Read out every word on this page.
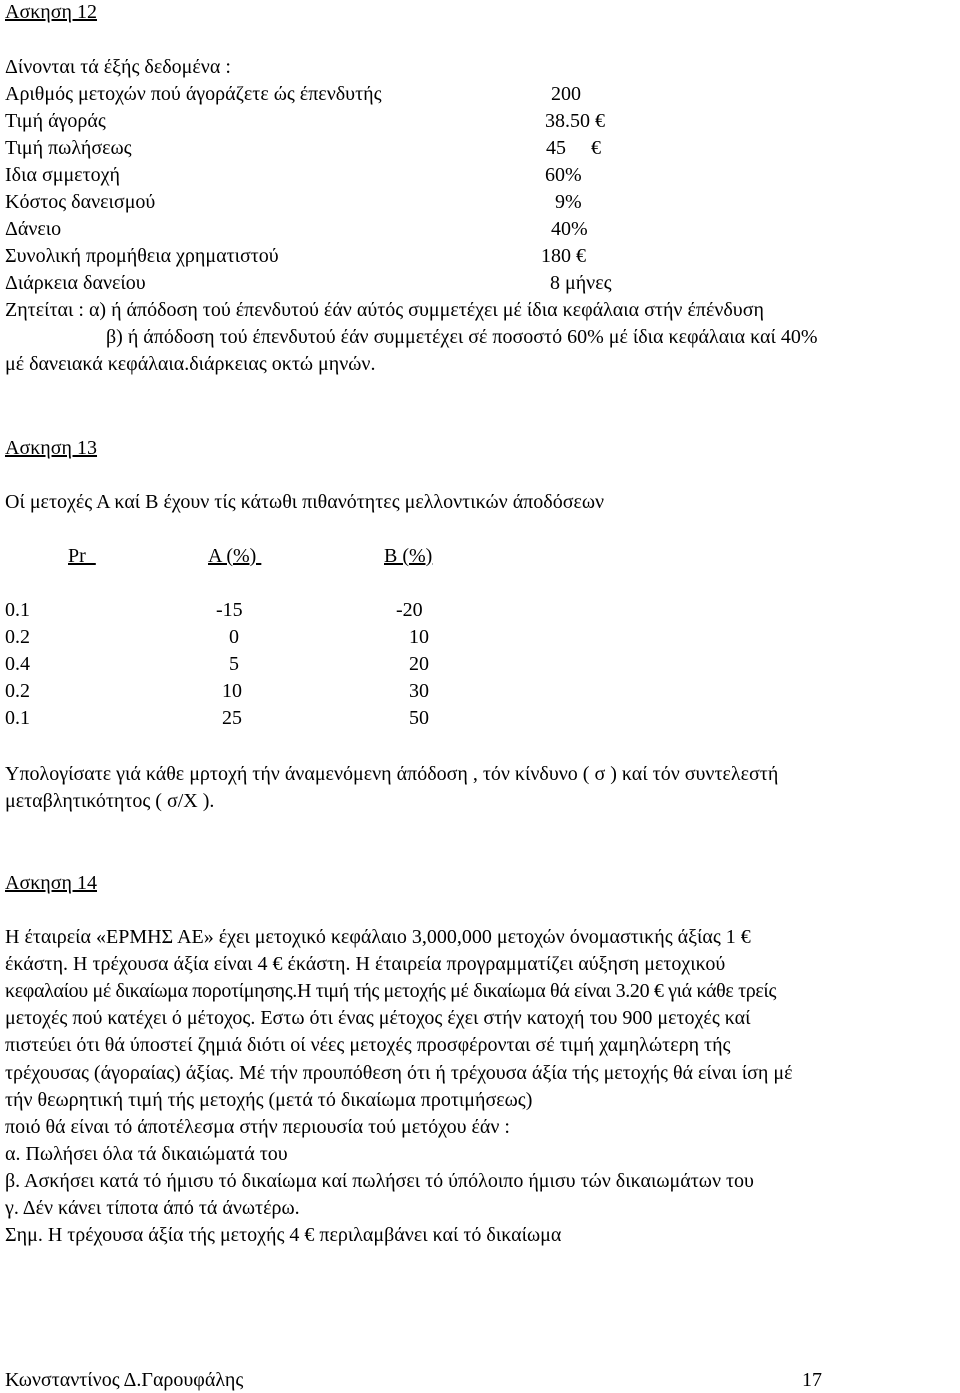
Ασκηση 12
Δίνονται τά έξής δεδομένα :
Αριθμός μετοχών πού άγοράζετε ώς έπενδυτής	200
Τιμή άγοράς	38.50 €
Τιμή πωλήσεως	45     €
Ιδια σμμετοχή	60%
Κόστος δανεισμού	9%
Δάνειο	40%
Συνολική προμήθεια χρηματιστού	180 €
Διάρκεια δανείου	8 μήνες
Ζητείται : α) ή άπόδοση τού έπενδυτού έάν αύτός συμμετέχει μέ ίδια κεφάλαια στήν έπένδυση
β) ή άπόδοση τού έπενδυτού έάν συμμετέχει σέ ποσοστό 60% μέ ίδια κεφάλαια καί 40%
μέ δανειακά κεφάλαια.διάρκειας οκτώ μηνών.
Ασκηση 13
Οί μετοχές Α καί Β έχουν τίς κάτωθι πιθανότητες μελλοντικών άποδόσεων
Pr	Α (%)	Β (%)
0.1	-15	-20
0.2	0	10
0.4	5	20
0.2	10	30
0.1	25	50
Υπολογίσατε γιά κάθε μρτοχή τήν άναμενόμενη άπόδοση , τόν κίνδυνο ( σ ) καί τόν συντελεστή
μεταβλητικότητος ( σ/Χ ).
Ασκηση 14
Η έταιρεία «ΕΡΜΗΣ ΑΕ» έχει μετοχικό κεφάλαιο 3,000,000 μετοχών όνομαστικής άξίας 1 €
έκάστη. Η τρέχουσα άξία είναι 4 € έκάστη. Η έταιρεία προγραμματίζει αύξηση μετοχικού
κεφαλαίου μέ δικαίωμα ποροτίμησης.Η τιμή τής μετοχής μέ δικαίωμα θά είναι 3.20 € γιά κάθε τρείς
μετοχές πού κατέχει ό μέτοχος. Εστω ότι ένας μέτοχος έχει στήν κατοχή του 900 μετοχές καί
πιστεύει ότι θά ύποστεί ζημιά διότι οί νέες μετοχές προσφέρονται σέ τιμή χαμηλώτερη τής
τρέχουσας (άγοραίας) άξίας. Μέ τήν προυπόθεση ότι ή τρέχουσα άξία τής μετοχής θά είναι ίση μέ
τήν θεωρητική τιμή τής μετοχής (μετά τό δικαίωμα προτιμήσεως)
ποιό θά είναι τό άποτέλεσμα στήν περιουσία τού μετόχου έάν :
α. Πωλήσει όλα τά δικαιώματά του
β. Ασκήσει κατά τό ήμισυ τό δικαίωμα καί πωλήσει τό ύπόλοιπο ήμισυ τών δικαιωμάτων του
γ. Δέν κάνει τίποτα άπό τά άνωτέρω.
Σημ. Η τρέχουσα άξία τής μετοχής 4 € περιλαμβάνει καί τό δικαίωμα
Κωνσταντίνος Δ.Γαρουφάλης	17
